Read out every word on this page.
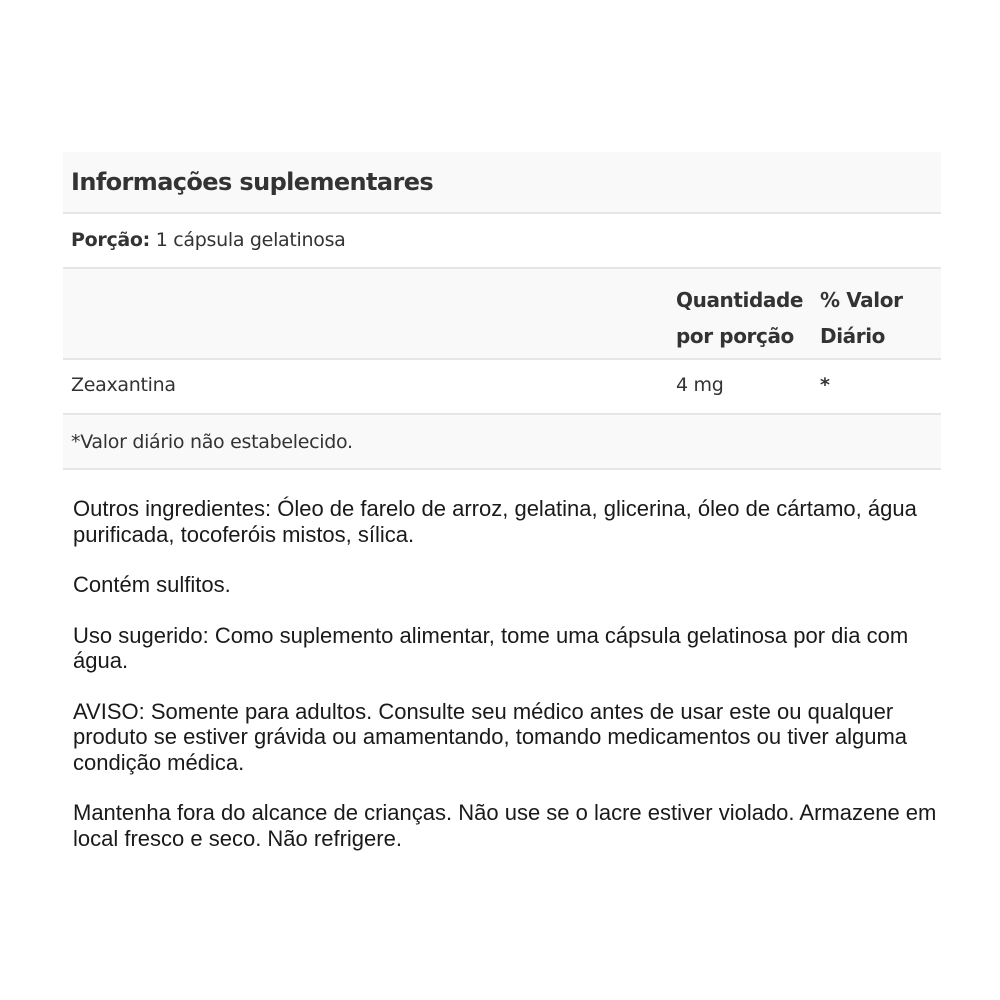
Informações suplementares
Porção: 1 cápsula gelatinosa
Quantidade
por porção
% Valor
Diário
Zeaxantina	4 mg	*
*Valor diário não estabelecido.

Outros ingredientes: Óleo de farelo de arroz, gelatina, glicerina, óleo de cártamo, água purificada, tocoferóis mistos, sílica.

Contém sulfitos.

Uso sugerido: Como suplemento alimentar, tome uma cápsula gelatinosa por dia com água.

AVISO: Somente para adultos. Consulte seu médico antes de usar este ou qualquer produto se estiver grávida ou amamentando, tomando medicamentos ou tiver alguma condição médica.

Mantenha fora do alcance de crianças. Não use se o lacre estiver violado. Armazene em local fresco e seco. Não refrigere.
